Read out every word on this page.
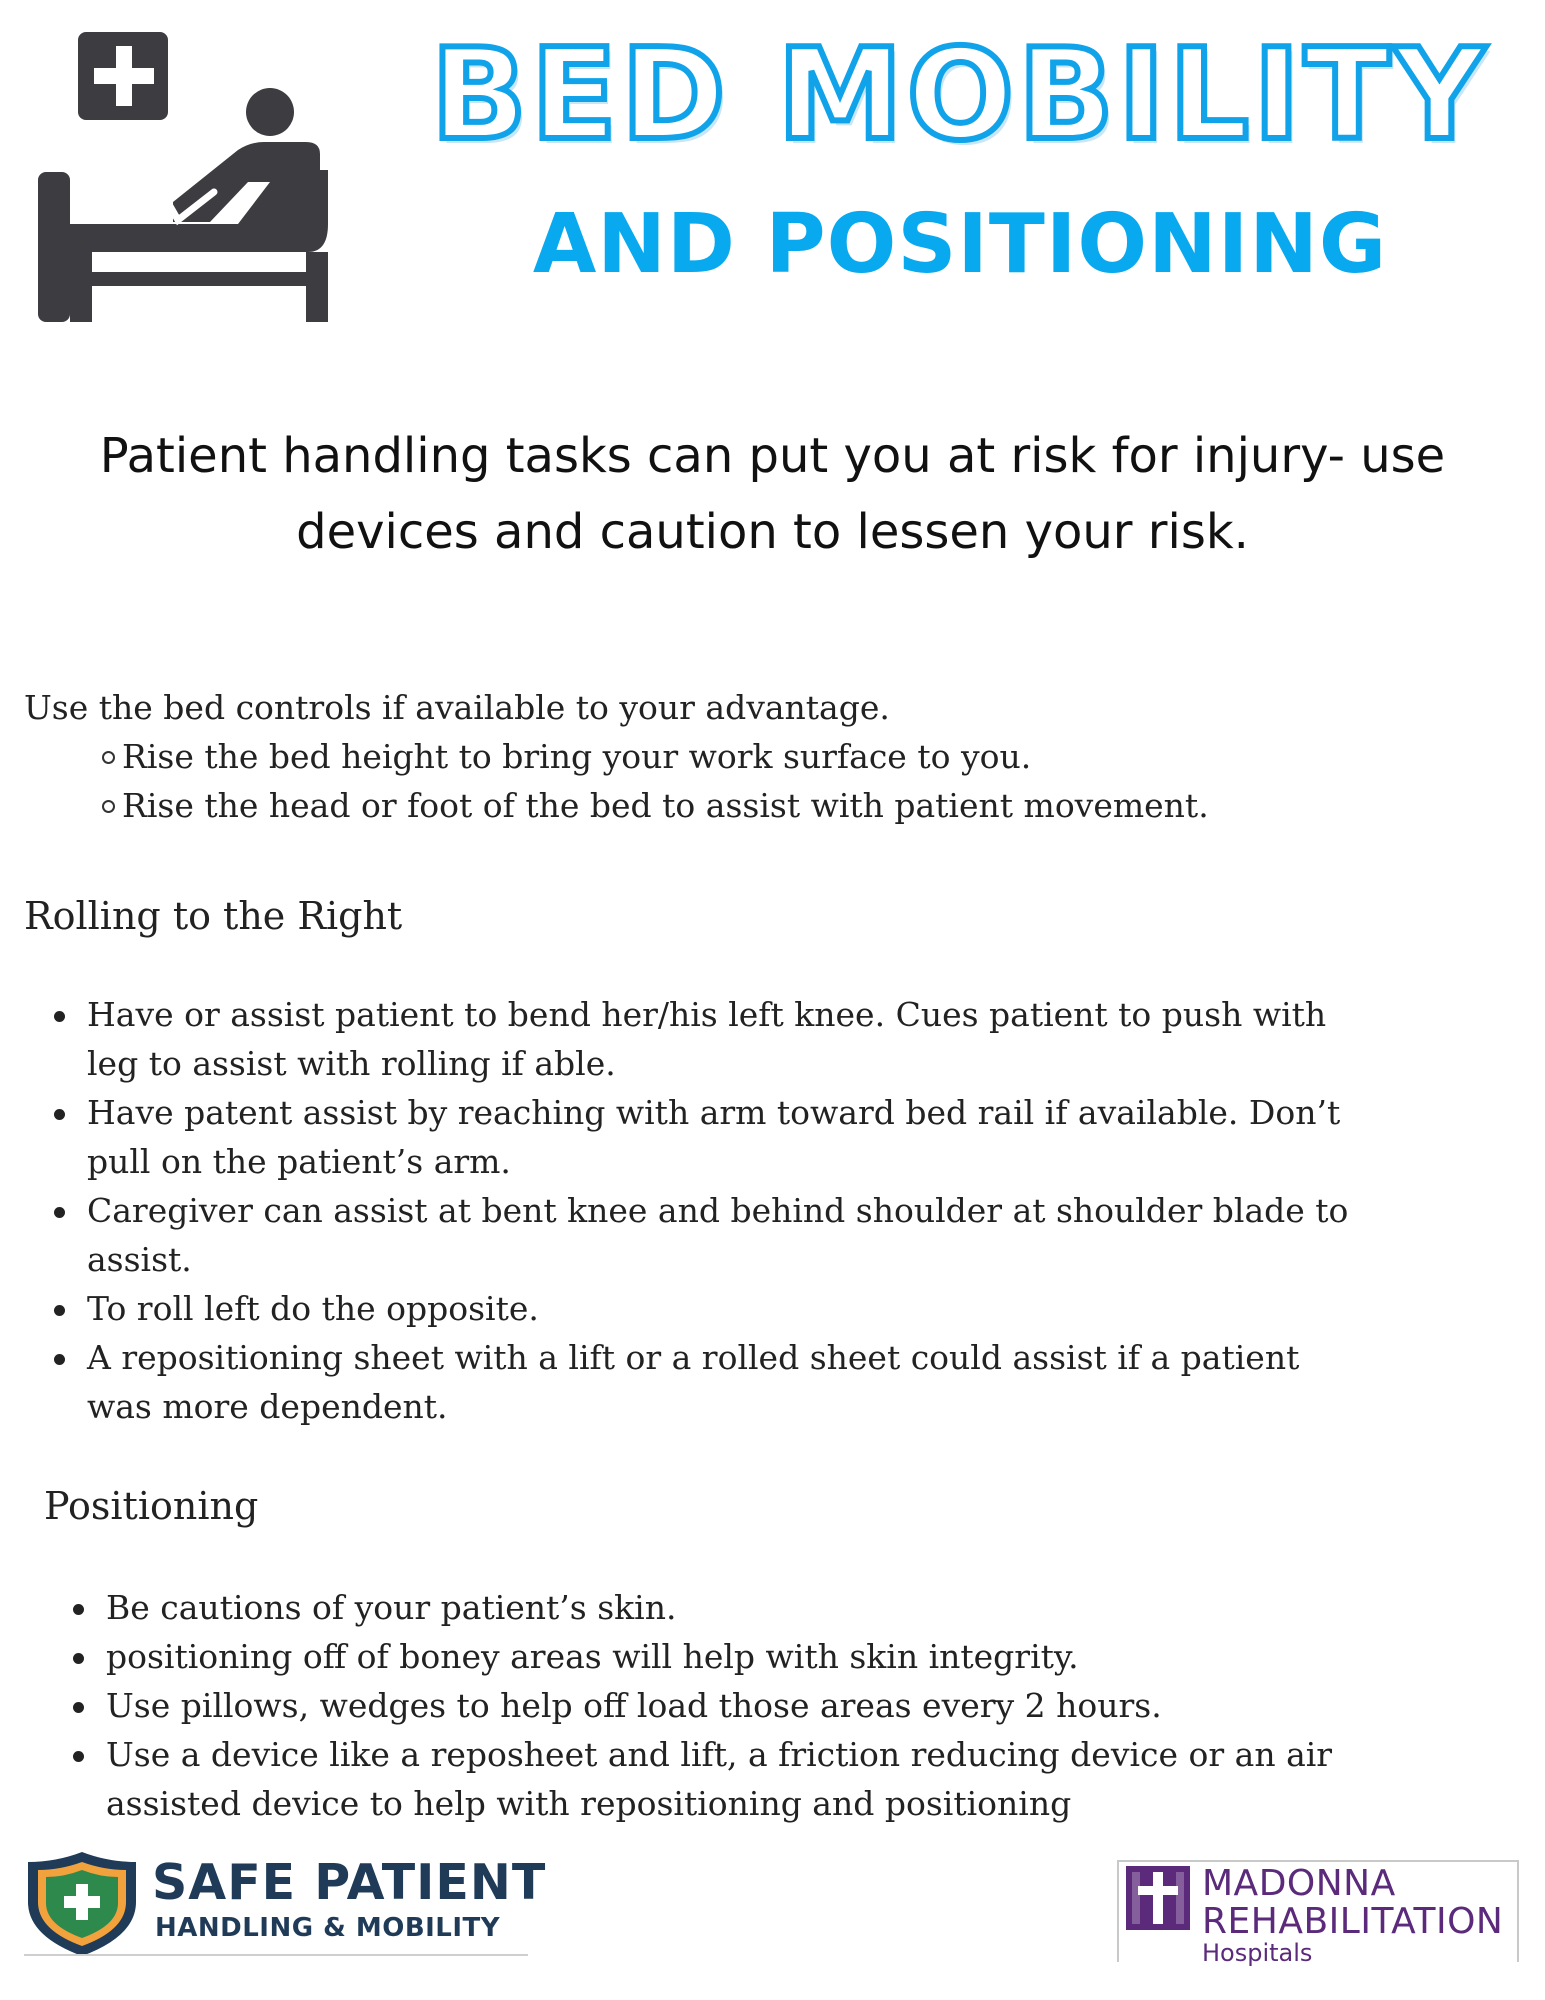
BED MOBILITY
AND POSITIONING
Patient handling tasks can put you at risk for injury- use
devices and caution to lessen your risk.
Use the bed controls if available to your advantage.
Rise the bed height to bring your work surface to you.
Rise the head or foot of the bed to assist with patient movement.
Rolling to the Right
Have or assist patient to bend her/his left knee. Cues patient to push with
leg to assist with rolling if able.
Have patent assist by reaching with arm toward bed rail if available. Don’t
pull on the patient’s arm.
Caregiver can assist at bent knee and behind shoulder at shoulder blade to
assist.
To roll left do the opposite.
A repositioning sheet with a lift or a rolled sheet could assist if a patient
was more dependent.
Positioning
Be cautions of your patient’s skin.
positioning off of boney areas will help with skin integrity.
Use pillows, wedges to help off load those areas every 2 hours.
Use a device like a reposheet and lift, a friction reducing device or an air
assisted device to help with repositioning and positioning
SAFE PATIENT
HANDLING & MOBILITY
MADONNA
REHABILITATION
Hospitals
